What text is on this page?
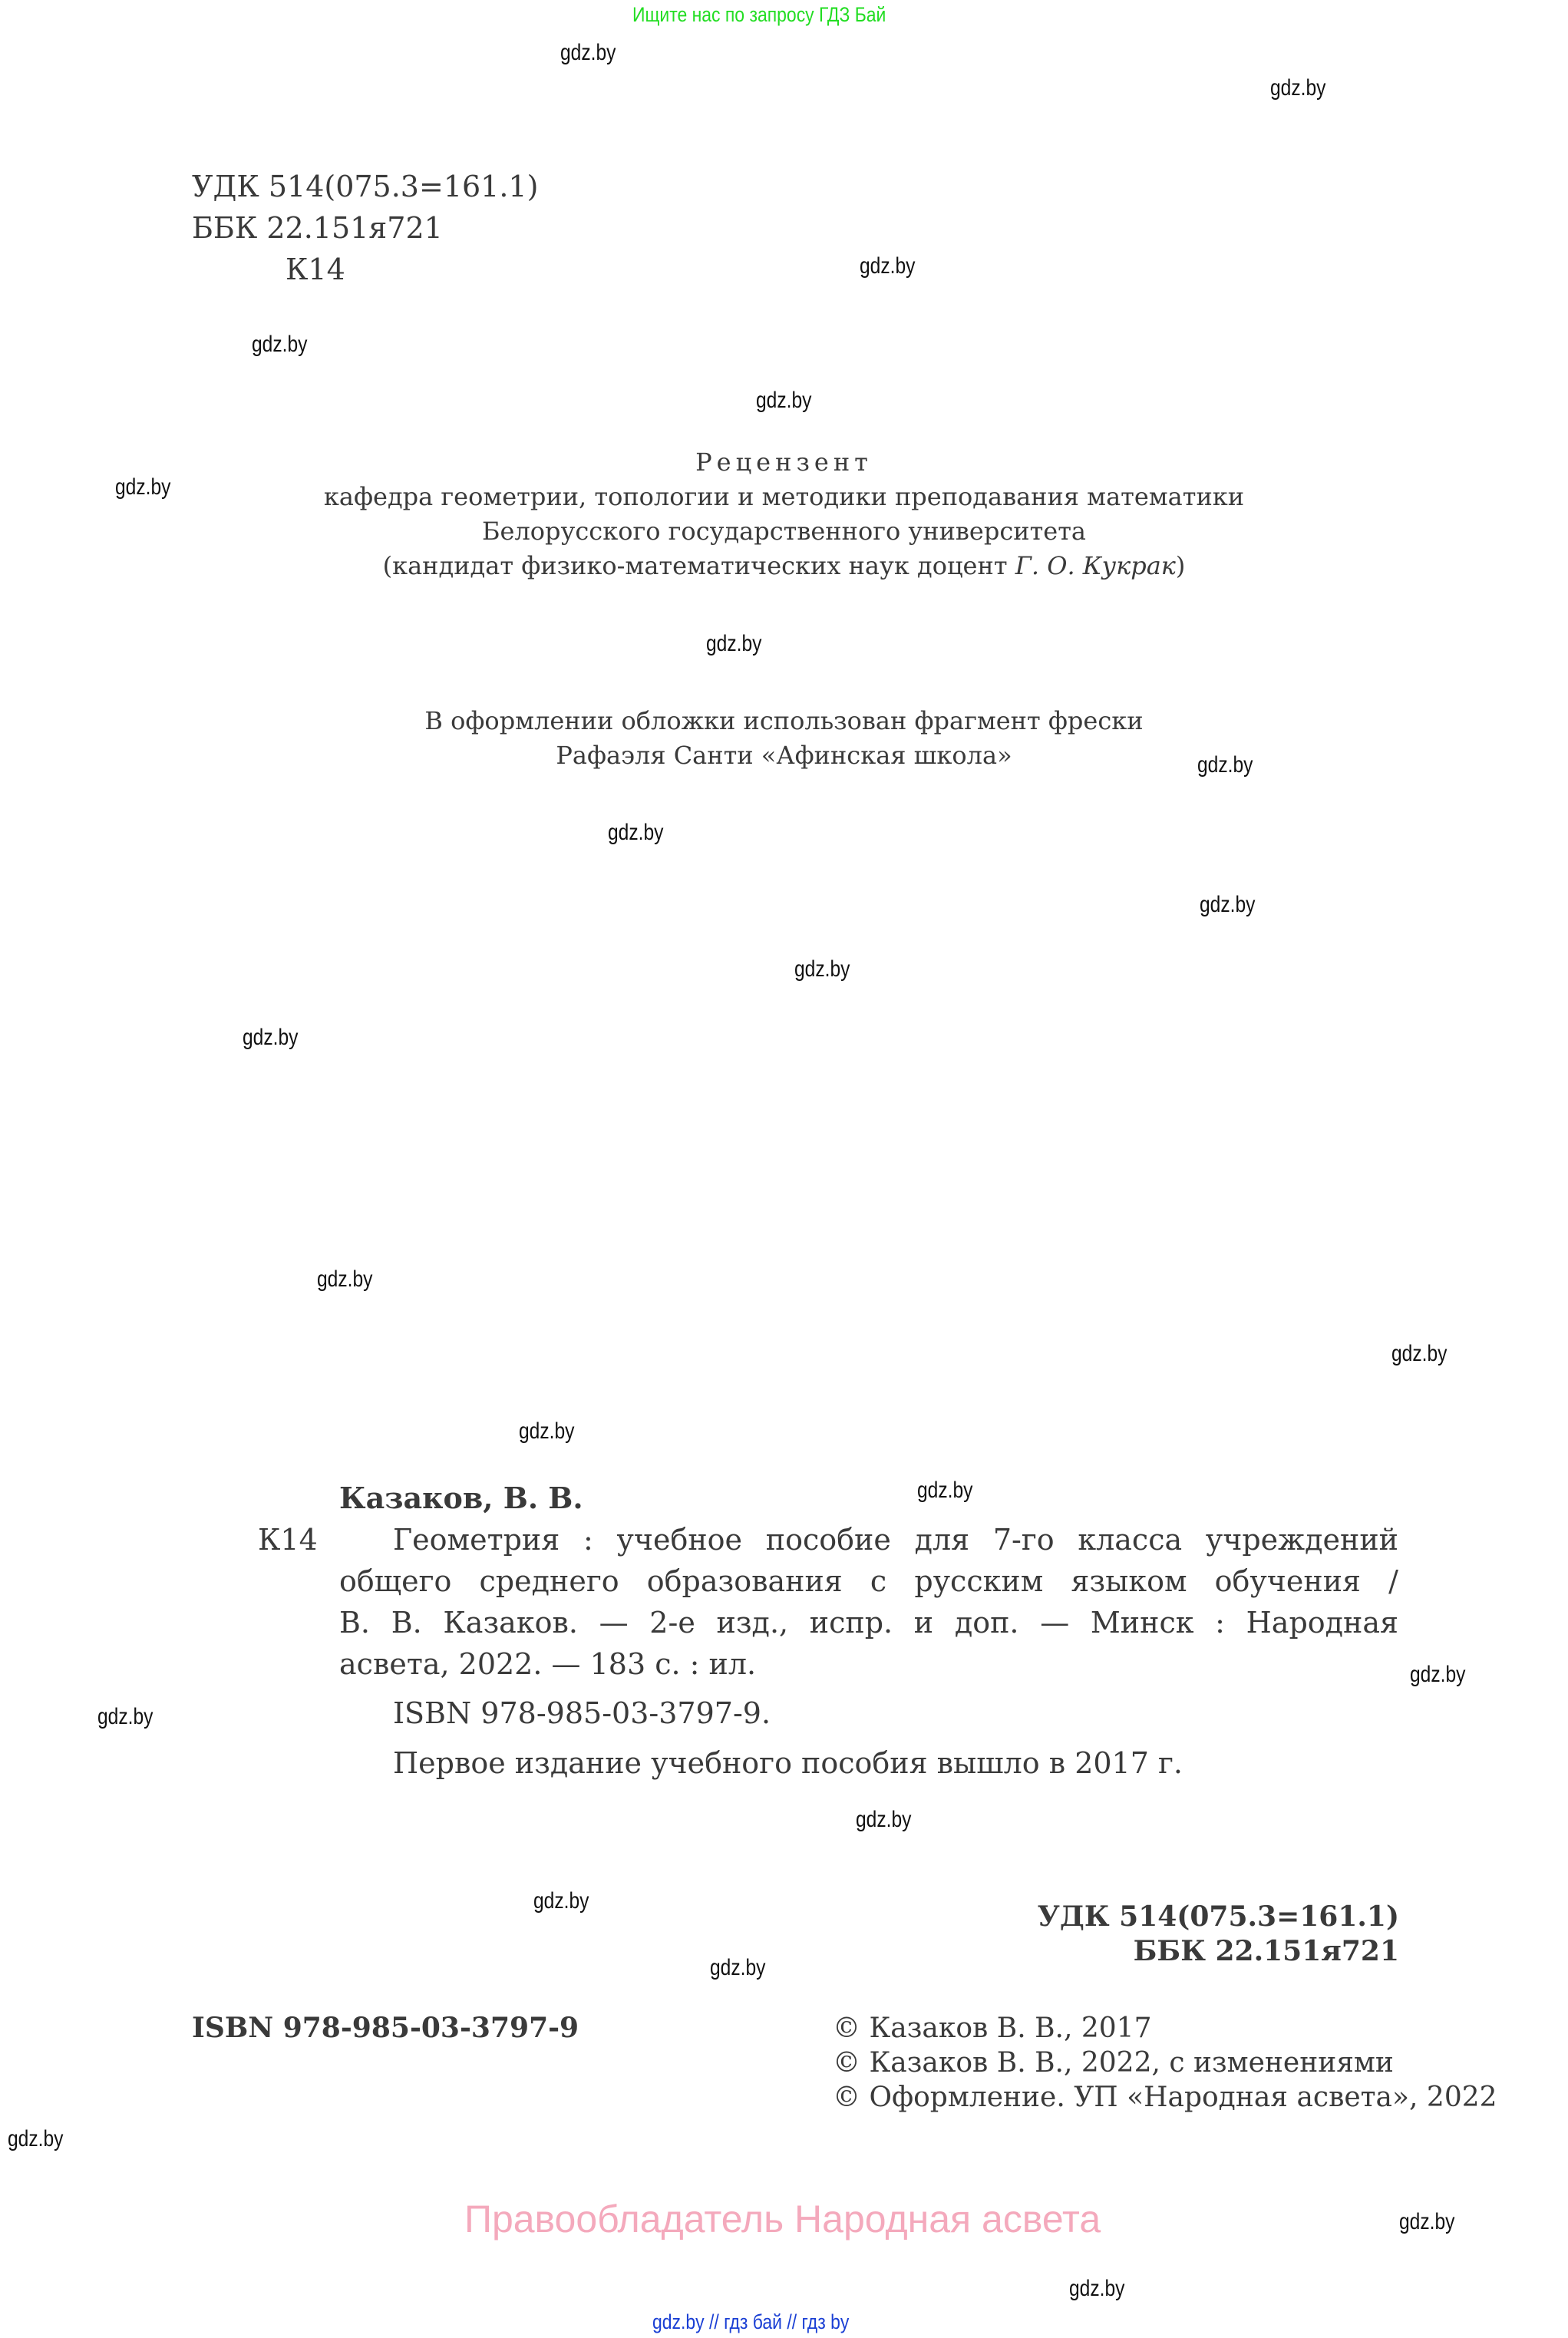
Ищите нас по запросу ГДЗ Бай
УДК 514(075.3=161.1)
ББК 22.151я721
К14
Рецензент
кафедра геометрии, топологии и методики преподавания математики
Белорусского государственного университета
(кандидат физико-математических наук доцент Г. О. Кукрак)
В оформлении обложки использован фрагмент фрески
Рафаэля Санти «Афинская школа»
Казаков, В. В.
К14	Геометрия : учебное пособие для 7-го класса учреждений
общего среднего образования с русским языком обучения /
В. В. Казаков. — 2-е изд., испр. и доп. — Минск : Народная
асвета, 2022. — 183 с. : ил.
ISBN 978-985-03-3797-9.
Первое издание учебного пособия вышло в 2017 г.
УДК 514(075.3=161.1)
ББК 22.151я721
ISBN 978-985-03-3797-9	© Казаков В. В., 2017
© Казаков В. В., 2022, с изменениями
© Оформление. УП «Народная асвета», 2022
Правообладатель Народная асвета
gdz.by // гдз бай // гдз by
gdz.by
gdz.by
gdz.by
gdz.by
gdz.by
gdz.by
gdz.by
gdz.by
gdz.by
gdz.by
gdz.by
gdz.by
gdz.by
gdz.by
gdz.by
gdz.by
gdz.by
gdz.by
gdz.by
gdz.by
gdz.by
gdz.by
gdz.by
gdz.by
